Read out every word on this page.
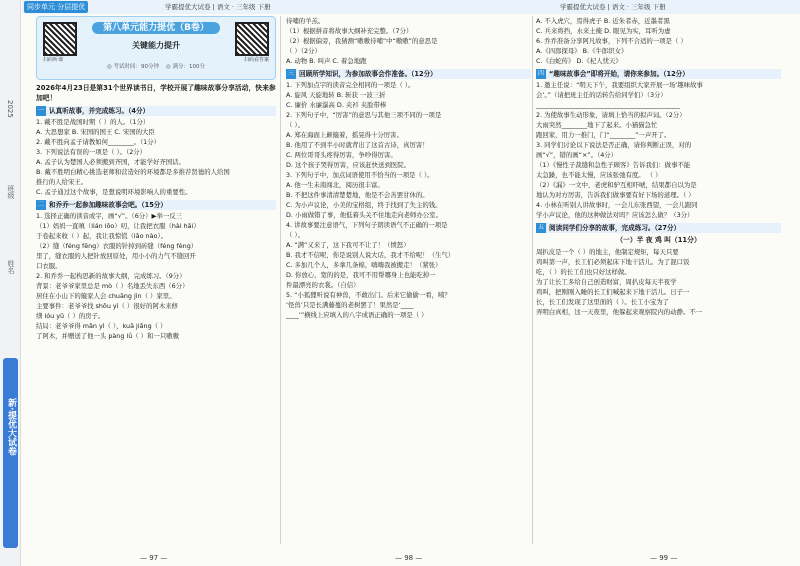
2025
班级
姓名
新·提优大试卷
同步单元 分层提优	学霸提优大试卷 | 语文 · 三年级 下册	学霸提优大试卷 | 语文 · 三年级 下册
扫码听课
第八单元能力提优（B卷）
关键能力提升
◎ 考试时间：90分钟 ◎ 满分：100分
扫码看答案

2026年4月23日是第31个世界读书日，学校开展了趣味故事分享活动，快来参加吧！

一 认真听故事，并完成练习。（4分）

1. 戴不胜是战国时期（ ）的人。（1分）

A. 大思想家 B. 宋国的国王 C. 宋国的大臣

2. 戴不胜向孟子请教如何________。（1分）

3. 下列说法有误的一项是（ ）。（2分）

A. 孟子认为楚国人必须搬到齐国，才能学好齐国话。

B. 戴不胜明白精心挑选老师和营造好的环境都是多推荐贤德的人给国

推行的人给宋王。

C. 孟子通过这个故事，是想说明环境影响人的重要性。

二 和乔乔一起参加趣味故事会吧。（15分）

1. 选择正确的读音或字，画“√”。（6分）▶举一反三

（1）妈妈一直嗔（lián lǒo）叨，让我把衣服（hài hǎi）

于卷起来收（ ）起，我让我惊慌（lǎo nào）。

（2）缝（féng fēng）衣服的针掉到砖缝（féng fèng）

里了，缝衣服的人把针放回原处，用小小的力气不缝回开

口衣服。

2. 和乔乔一起构思新的故事大纲，完成练习。（9分）

背景：老爷爷家里总是 mò（ ）名地丢失东西（6分）

居住在小山下的簸家人会 chuāng jìn（ ）家里。

主要事件：老爷爷找 shōu yì（ ）很好的阿木来修

缮 lóu yǔ（ ）的房子。

结局：老爷爷得 mǎn yì（ ），kuā jiǎng（ ）

了阿木，并赠送了他一头 pàng lǘ（ ）和一只嗷嗷

— 97 —

待哺的羊羔。

（1）根据拼音将故事大纲补充完整。（7分）

（2）根据偏旁，我猜测“嗷嗷待哺”中“嗷嗷”的意思是

（ ）（2分）

A. 动物 B. 叫声 C. 着急地跑

三 回顾所学知识，为参加故事会作准备。（12分）

1. 下列加点字的读音完全相同的一项是（ ）。

A. 旋风 天旋地转 B. 斩获 一波三折

C. 廉价 水廉瀑高 D. 夹衫 夹脸带棒

2. 下列句子中，“厉害”的意思与其他三项不同的一项是

（ ）。

A. 郑在海面上颠簸着，摇晃得十分厉害。

B. 他用了不到半小时就背出了这首古诗，真厉害！

C. 两位哥哥头疼得厉害，争吵得厉害。

D. 这个孩子哭得厉害，应该赶快送到医院。

3. 下列句子中，加点词语使用不恰当的一项是（ ）。

A. 他一生未南闯北，阅历很丰富。

B. 不把这件事清清楚楚地，他是不会善罢甘休的。

C. 为小声议论，小美的宝格组，终于找到了失主的钱。

D. 小雨做错了事，他低着头关不住地走向老师办公室。

4. 讲故事要注意语气，下列句子朗读语气不正确的一项是

（ ）。

A. “满”又来了，这下我可不让了！（愤怒）

B. 我才不信呢，你是说别人说大话，我才不给呢！（生气）

C. 多加几个人，多拿几条棉，嗨嗨我被搬走！（紧张）

D. 你放心，宽的的是，我可不用帮哪身上也能吃掉一

件最漂亮的衣裳。（自信）

5. “小狐狸听说有神兽，不敢出门。后来它偷偷一看，咦？

‘怪兽’只是长满藤蔓的老树罢了！果然是‘____

____’”横线上应填入的八字成语正确的一项是（ ）

— 98 —

A. 不入虎穴，焉得虎子 B. 近朱者赤，近墨者黑

C. 兵来将挡，水来土掩 D. 眼见为实，耳听为虚

6. 乔乔准备分享阿凡故事，下列不合适的一项是（ ）

A.《四郎探母》 B.《牛郎织女》

C.《白蛇传》 D.《杞人忧天》

四 “趣味故事会”即将开始，请你来参加。（12分）

1. 邀主任说：“明天下午，我要组织大家开展一场‘趣味故事

会’。”（请把班主任的话转告给同学们）（3分）

_____________________________________________

2. 为使故事生动形象，请填上恰当的拟声词。（2分）

大雨突然________地下了起来。小猫猫急忙

跑回家，用力一推门，门“________”一声开了。

3. 同学们讨论以下说法是否正确，请你判断正误，对的

画“√”，错的画“×”。（4分）

（1）《慢性子裁缝和急性子顾客》告诉我们：做事不能

太急躁，也不能太慢，应该张弛有度。 （ ）

（2）《漏》一文中，老虎和驴互相吓唬，结果都自以为是

地认为对方厉害，告诉我们做事要有好下场的道理。（ ）

4. 小林在听别人讲故事时，一会儿东张西望，一会儿跟同

学小声议论，他的这种做法对吗？应该怎么做？（3分）

五 阅读同学们分享的故事，完成练习。（27分）
（一）半 夜 鸡 叫（11分）

周扒皮是一个（ ）的地主，他制定规矩，每天只要

鸡叫第一声，长工们必须起床下地干活儿。为了混口饭

吃，（ ）的长工们也只好这样做。

为了让长工多给自己创造财富，周扒皮每天半夜学

鸡叫，把刚刚入睡的长工们喊起来下地干活儿。日子一

长，长工们发现了这里面的（ ）。长工小宝为了

弄明白真相，这一天夜里，他躲起来观察院内的动静。不一

— 99 —
